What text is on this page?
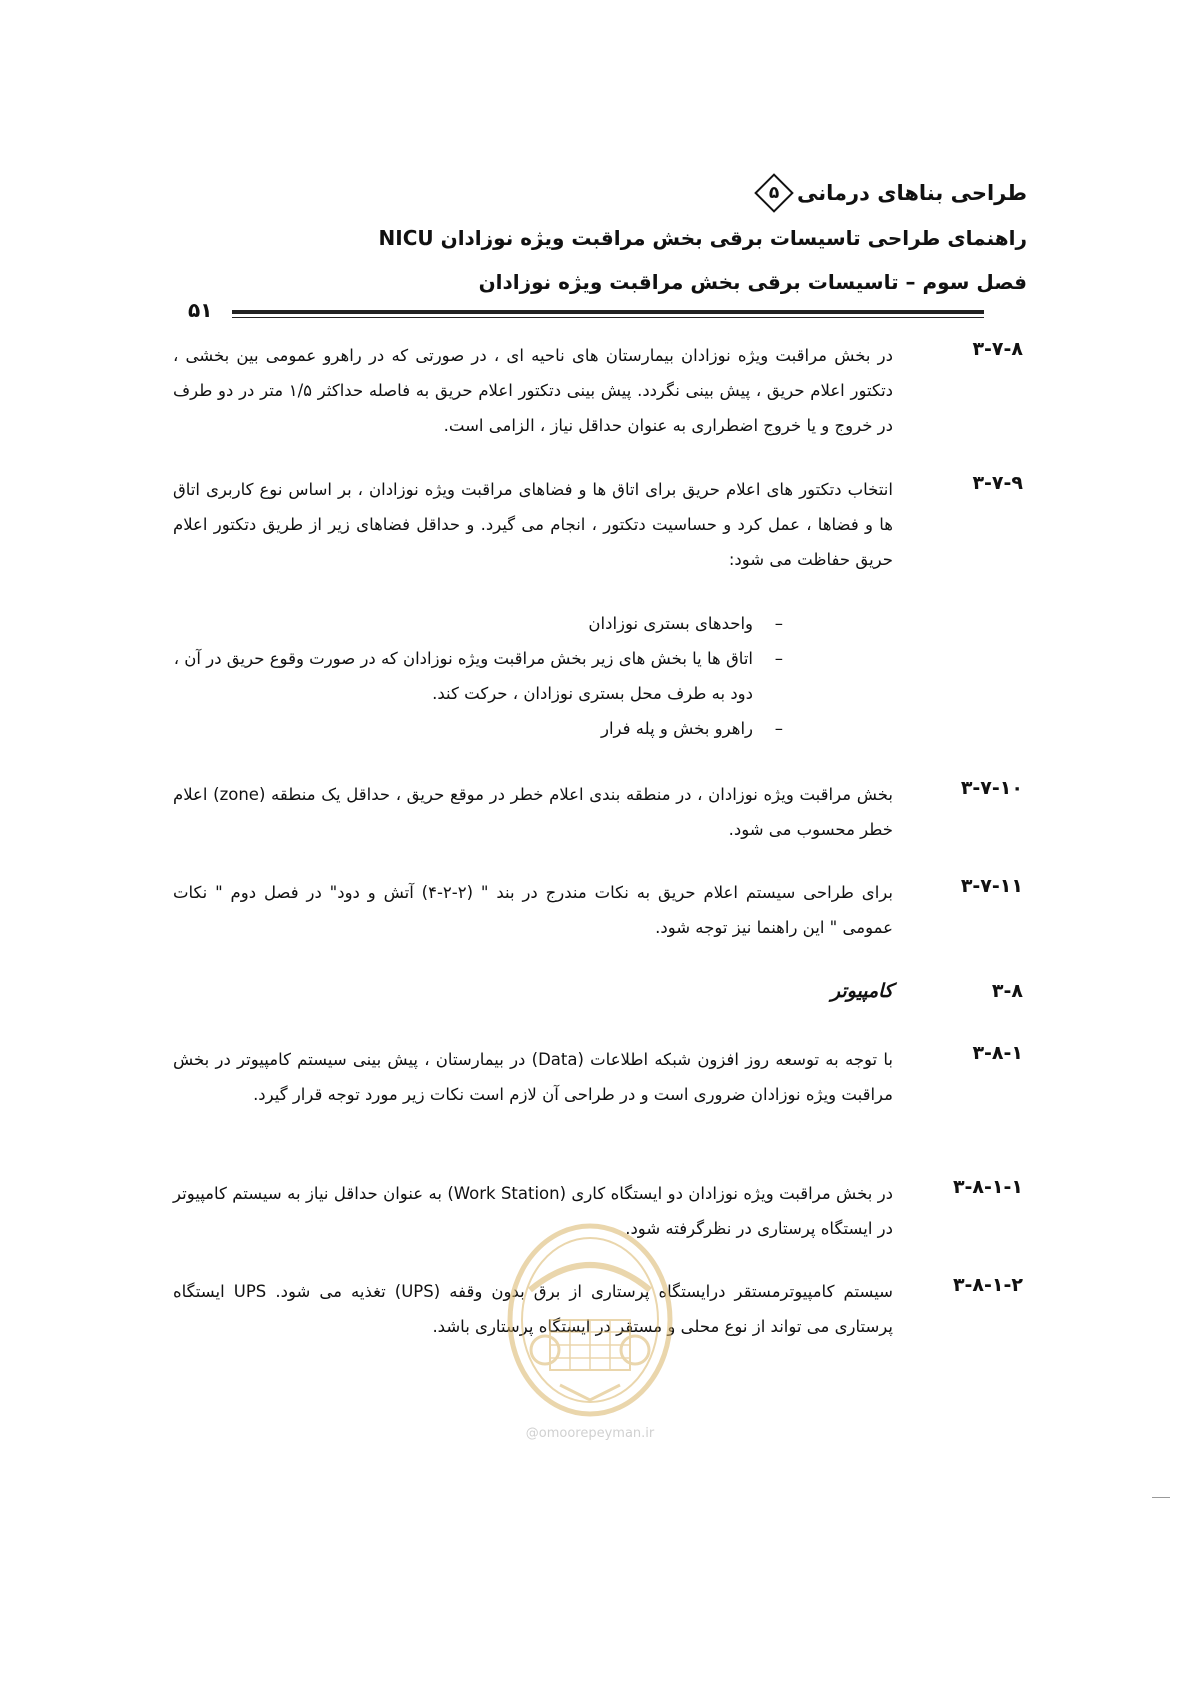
طراحی بناهای درمانی
۵
راهنمای طراحی تاسیسات برقی بخش مراقبت ویژه نوزادان NICU
فصل سوم – تاسیسات برقی بخش مراقبت ویژه نوزادان
۵۱
۳-۷-۸
در بخش مراقبت ویژه نوزادان بیمارستان های ناحیه ای ، در صورتی که در راهرو عمومی بین بخشی ، دتکتور اعلام حریق ، پیش بینی نگردد. پیش بینی دتکتور اعلام حریق به فاصله حداکثر ۱/۵ متر در دو طرف در خروج و یا خروج اضطراری به عنوان حداقل نیاز ، الزامی است.
۳-۷-۹
انتخاب دتکتور های اعلام حریق برای اتاق ها و فضاهای مراقبت ویژه نوزادان ، بر اساس نوع کاربری اتاق ها و فضاها ، عمل کرد و حساسیت دتکتور ، انجام می گیرد. و حداقل فضاهای زیر از طریق دتکتور اعلام حریق حفاظت می شود:
–
واحدهای بستری نوزادان
–
اتاق ها یا بخش های زیر بخش مراقبت ویژه نوزادان که در صورت وقوع حریق در آن ، دود به طرف محل بستری نوزادان ، حرکت کند.
–
راهرو بخش و پله فرار
۳-۷-۱۰
بخش مراقبت ویژه نوزادان ، در منطقه بندی اعلام خطر در موقع حریق ، حداقل یک منطقه (zone) اعلام خطر محسوب می شود.
۳-۷-۱۱
برای طراحی سیستم اعلام حریق به نکات مندرج در بند " (۲-۲-۴) آتش و دود" در فصل دوم " نکات عمومی " این راهنما نیز توجه شود.
۳-۸
کامپیوتر
۳-۸-۱
با توجه به توسعه روز افزون شبکه اطلاعات (Data) در بیمارستان ، پیش بینی سیستم کامپیوتر در بخش مراقبت ویژه نوزادان ضروری است و در طراحی آن لازم است نکات زیر مورد توجه قرار گیرد.
۳-۸-۱-۱
در بخش مراقبت ویژه نوزادان دو ایستگاه کاری (Work Station) به عنوان حداقل نیاز به سیستم کامپیوتر در ایستگاه پرستاری در نظرگرفته شود.
۳-۸-۱-۲
سیستم کامپیوترمستقر درایستگاه پرستاری از برق بدون وقفه (UPS) تغذیه می شود. UPS ایستگاه پرستاری می تواند از نوع محلی و مستقر در ایستگاه پرستاری باشد.
@omoorepeyman.ir
